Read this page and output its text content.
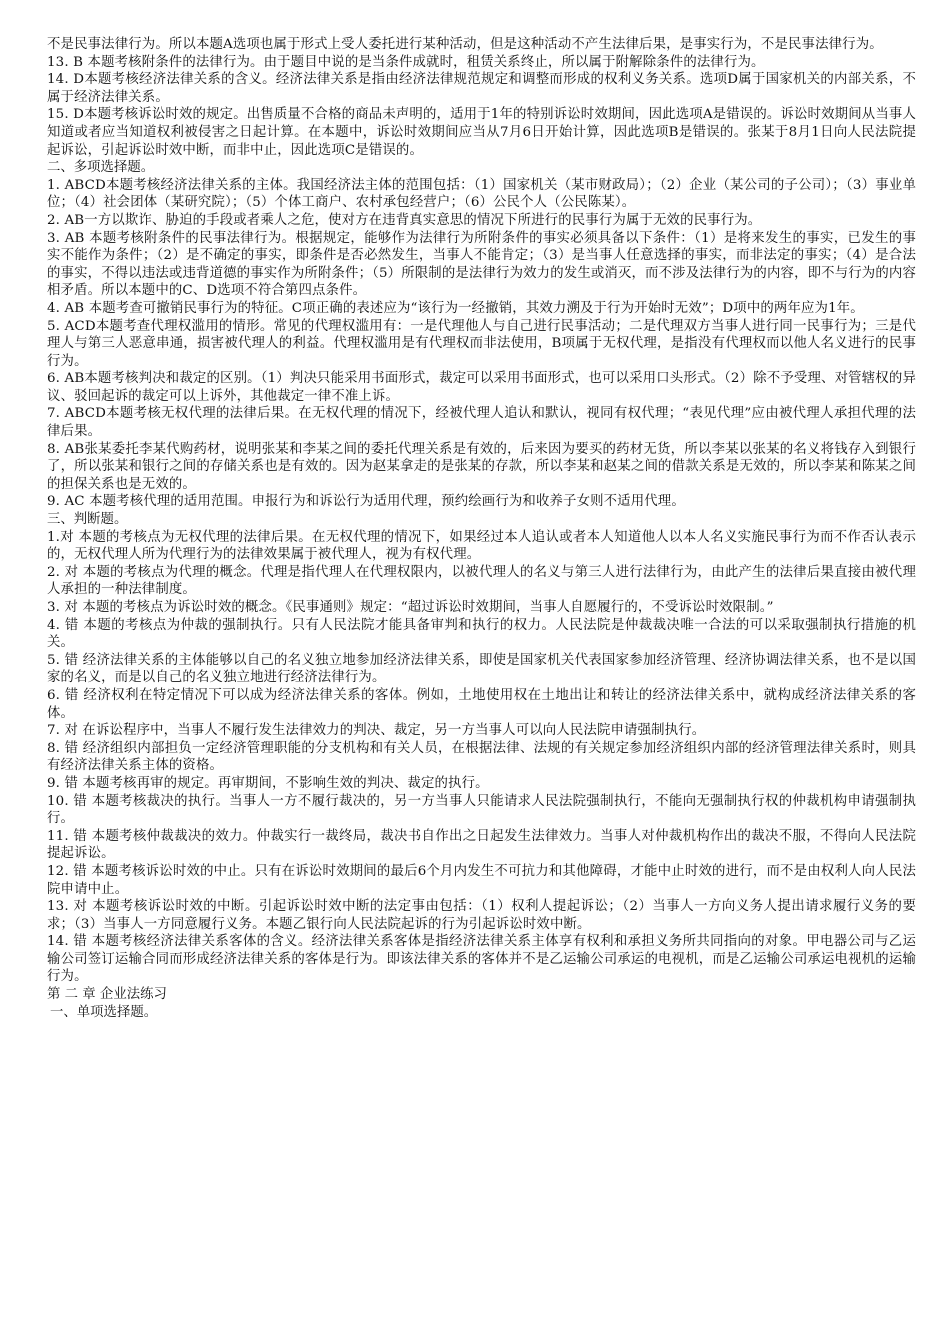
不是民事法律行为。所以本题A选项也属于形式上受人委托进行某种活动，但是这种活动不产生法律后果，是事实行为，不是民事法律行为。

13. B 本题考核附条件的法律行为。由于题目中说的是当条件成就时，租赁关系终止，所以属于附解除条件的法律行为。

14. D本题考核经济法律关系的含义。经济法律关系是指由经济法律规范规定和调整而形成的权利义务关系。选项D属于国家机关的内部关系，不属于经济法律关系。

15. D本题考核诉讼时效的规定。出售质量不合格的商品未声明的，适用于1年的特别诉讼时效期间，因此选项A是错误的。诉讼时效期间从当事人知道或者应当知道权利被侵害之日起计算。在本题中，诉讼时效期间应当从7月6日开始计算，因此选项B是错误的。张某于8月1日向人民法院提起诉讼，引起诉讼时效中断，而非中止，因此选项C是错误的。

二、多项选择题。

1. ABCD本题考核经济法律关系的主体。我国经济法主体的范围包括：（1）国家机关（某市财政局）；（2）企业（某公司的子公司）；（3）事业单位；（4）社会团体（某研究院）；（5）个体工商户、农村承包经营户；（6）公民个人（公民陈某）。

2. AB一方以欺诈、胁迫的手段或者乘人之危，使对方在违背真实意思的情况下所进行的民事行为属于无效的民事行为。

3. AB 本题考核附条件的民事法律行为。根据规定，能够作为法律行为所附条件的事实必须具备以下条件：（1）是将来发生的事实，已发生的事实不能作为条件；（2）是不确定的事实，即条件是否必然发生，当事人不能肯定；（3）是当事人任意选择的事实，而非法定的事实；（4）是合法的事实，不得以违法或违背道德的事实作为所附条件；（5）所限制的是法律行为效力的发生或消灭，而不涉及法律行为的内容，即不与行为的内容相矛盾。所以本题中的C、D选项不符合第四点条件。

4. AB 本题考查可撤销民事行为的特征。C项正确的表述应为“该行为一经撤销，其效力溯及于行为开始时无效”；D项中的两年应为1年。

5. ACD本题考查代理权滥用的情形。常见的代理权滥用有：一是代理他人与自己进行民事活动；二是代理双方当事人进行同一民事行为；三是代理人与第三人恶意串通，损害被代理人的利益。代理权滥用是有代理权而非法使用，B项属于无权代理，是指没有代理权而以他人名义进行的民事行为。

6. AB本题考核判决和裁定的区别。（1）判决只能采用书面形式，裁定可以采用书面形式，也可以采用口头形式。（2）除不予受理、对管辖权的异议、驳回起诉的裁定可以上诉外，其他裁定一律不准上诉。

7. ABCD本题考核无权代理的法律后果。在无权代理的情况下，经被代理人追认和默认，视同有权代理；“表见代理”应由被代理人承担代理的法律后果。

8. AB张某委托李某代购药材，说明张某和李某之间的委托代理关系是有效的，后来因为要买的药材无货，所以李某以张某的名义将钱存入到银行了，所以张某和银行之间的存储关系也是有效的。因为赵某拿走的是张某的存款，所以李某和赵某之间的借款关系是无效的，所以李某和陈某之间的担保关系也是无效的。

9. AC 本题考核代理的适用范围。申报行为和诉讼行为适用代理，预约绘画行为和收养子女则不适用代理。

三、判断题。

1.对 本题的考核点为无权代理的法律后果。在无权代理的情况下，如果经过本人追认或者本人知道他人以本人名义实施民事行为而不作否认表示的，无权代理人所为代理行为的法律效果属于被代理人，视为有权代理。

2. 对 本题的考核点为代理的概念。代理是指代理人在代理权限内，以被代理人的名义与第三人进行法律行为，由此产生的法律后果直接由被代理人承担的一种法律制度。

3. 对 本题的考核点为诉讼时效的概念。《民事通则》规定：“超过诉讼时效期间，当事人自愿履行的，不受诉讼时效限制。”

4. 错 本题的考核点为仲裁的强制执行。只有人民法院才能具备审判和执行的权力。人民法院是仲裁裁决唯一合法的可以采取强制执行措施的机关。

5. 错 经济法律关系的主体能够以自己的名义独立地参加经济法律关系，即使是国家机关代表国家参加经济管理、经济协调法律关系，也不是以国家的名义，而是以自己的名义独立地进行经济法律行为。

6. 错 经济权利在特定情况下可以成为经济法律关系的客体。例如，土地使用权在土地出让和转让的经济法律关系中，就构成经济法律关系的客体。

7. 对 在诉讼程序中，当事人不履行发生法律效力的判决、裁定，另一方当事人可以向人民法院申请强制执行。

8. 错 经济组织内部担负一定经济管理职能的分支机构和有关人员，在根据法律、法规的有关规定参加经济组织内部的经济管理法律关系时，则具有经济法律关系主体的资格。

9. 错 本题考核再审的规定。再审期间，不影响生效的判决、裁定的执行。

10. 错 本题考核裁决的执行。当事人一方不履行裁决的，另一方当事人只能请求人民法院强制执行，不能向无强制执行权的仲裁机构申请强制执行。

11. 错 本题考核仲裁裁决的效力。仲裁实行一裁终局，裁决书自作出之日起发生法律效力。当事人对仲裁机构作出的裁决不服，不得向人民法院提起诉讼。

12. 错 本题考核诉讼时效的中止。只有在诉讼时效期间的最后6个月内发生不可抗力和其他障碍，才能中止时效的进行，而不是由权利人向人民法院申请中止。

13. 对 本题考核诉讼时效的中断。引起诉讼时效中断的法定事由包括：（1）权利人提起诉讼；（2）当事人一方向义务人提出请求履行义务的要求；（3）当事人一方同意履行义务。本题乙银行向人民法院起诉的行为引起诉讼时效中断。

14. 错 本题考核经济法律关系客体的含义。经济法律关系客体是指经济法律关系主体享有权利和承担义务所共同指向的对象。甲电器公司与乙运输公司签订运输合同而形成经济法律关系的客体是行为。即该法律关系的客体并不是乙运输公司承运的电视机，而是乙运输公司承运电视机的运输行为。

第 二 章 企业法练习

一、单项选择题。
